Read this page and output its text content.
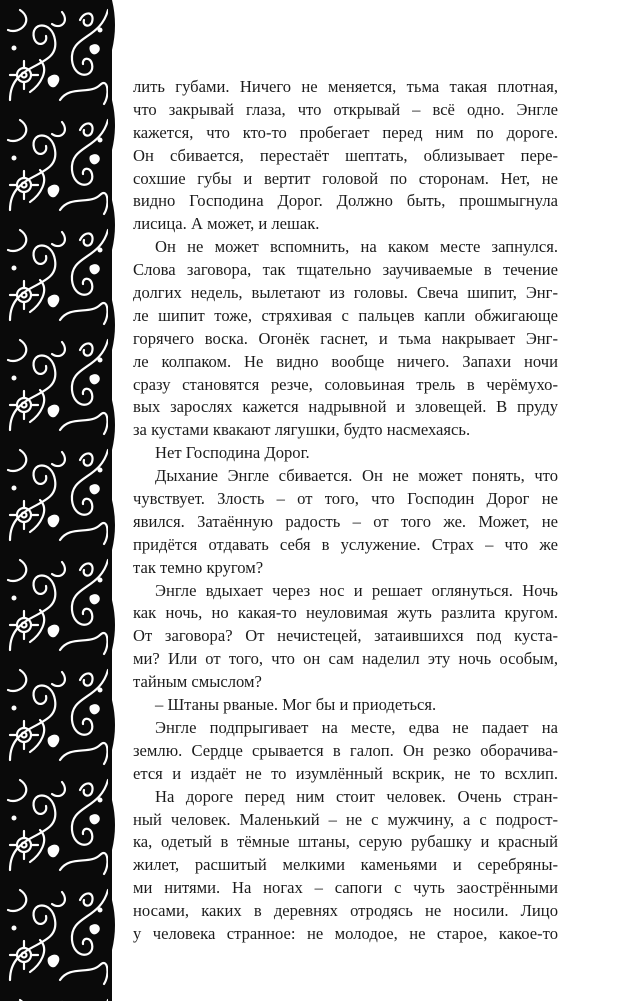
лить губами. Ничего не меняется, тьма такая плотная,
что закрывай глаза, что открывай – всё одно. Энгле
кажется, что кто-то пробегает перед ним по дороге.
Он сбивается, перестаёт шептать, облизывает пере-
сохшие губы и вертит головой по сторонам. Нет, не
видно Господина Дорог. Должно быть, прошмыгнула
лисица. А может, и лешак.
Он не может вспомнить, на каком месте запнулся.
Слова заговора, так тщательно заучиваемые в течение
долгих недель, вылетают из головы. Свеча шипит, Энг-
ле шипит тоже, стряхивая с пальцев капли обжигающе
горячего воска. Огонёк гаснет, и тьма накрывает Энг-
ле колпаком. Не видно вообще ничего. Запахи ночи
сразу становятся резче, соловьиная трель в черёмухо-
вых зарослях кажется надрывной и зловещей. В пруду
за кустами квакают лягушки, будто насмехаясь.
Нет Господина Дорог.
Дыхание Энгле сбивается. Он не может понять, что
чувствует. Злость – от того, что Господин Дорог не
явился. Затаённую радость – от того же. Может, не
придётся отдавать себя в услужение. Страх – что же
так темно кругом?
Энгле вдыхает через нос и решает оглянуться. Ночь
как ночь, но какая-то неуловимая жуть разлита кругом.
От заговора? От нечистецей, затаившихся под куста-
ми? Или от того, что он сам наделил эту ночь особым,
тайным смыслом?
– Штаны рваные. Мог бы и приодеться.
Энгле подпрыгивает на месте, едва не падает на
землю. Сердце срывается в галоп. Он резко оборачива-
ется и издаёт не то изумлённый вскрик, не то всхлип.
На дороге перед ним стоит человек. Очень стран-
ный человек. Маленький – не с мужчину, а с подрост-
ка, одетый в тёмные штаны, серую рубашку и красный
жилет, расшитый мелкими каменьями и серебряны-
ми нитями. На ногах – сапоги с чуть заострёнными
носами, каких в деревнях отродясь не носили. Лицо
у человека странное: не молодое, не старое, какое-то
